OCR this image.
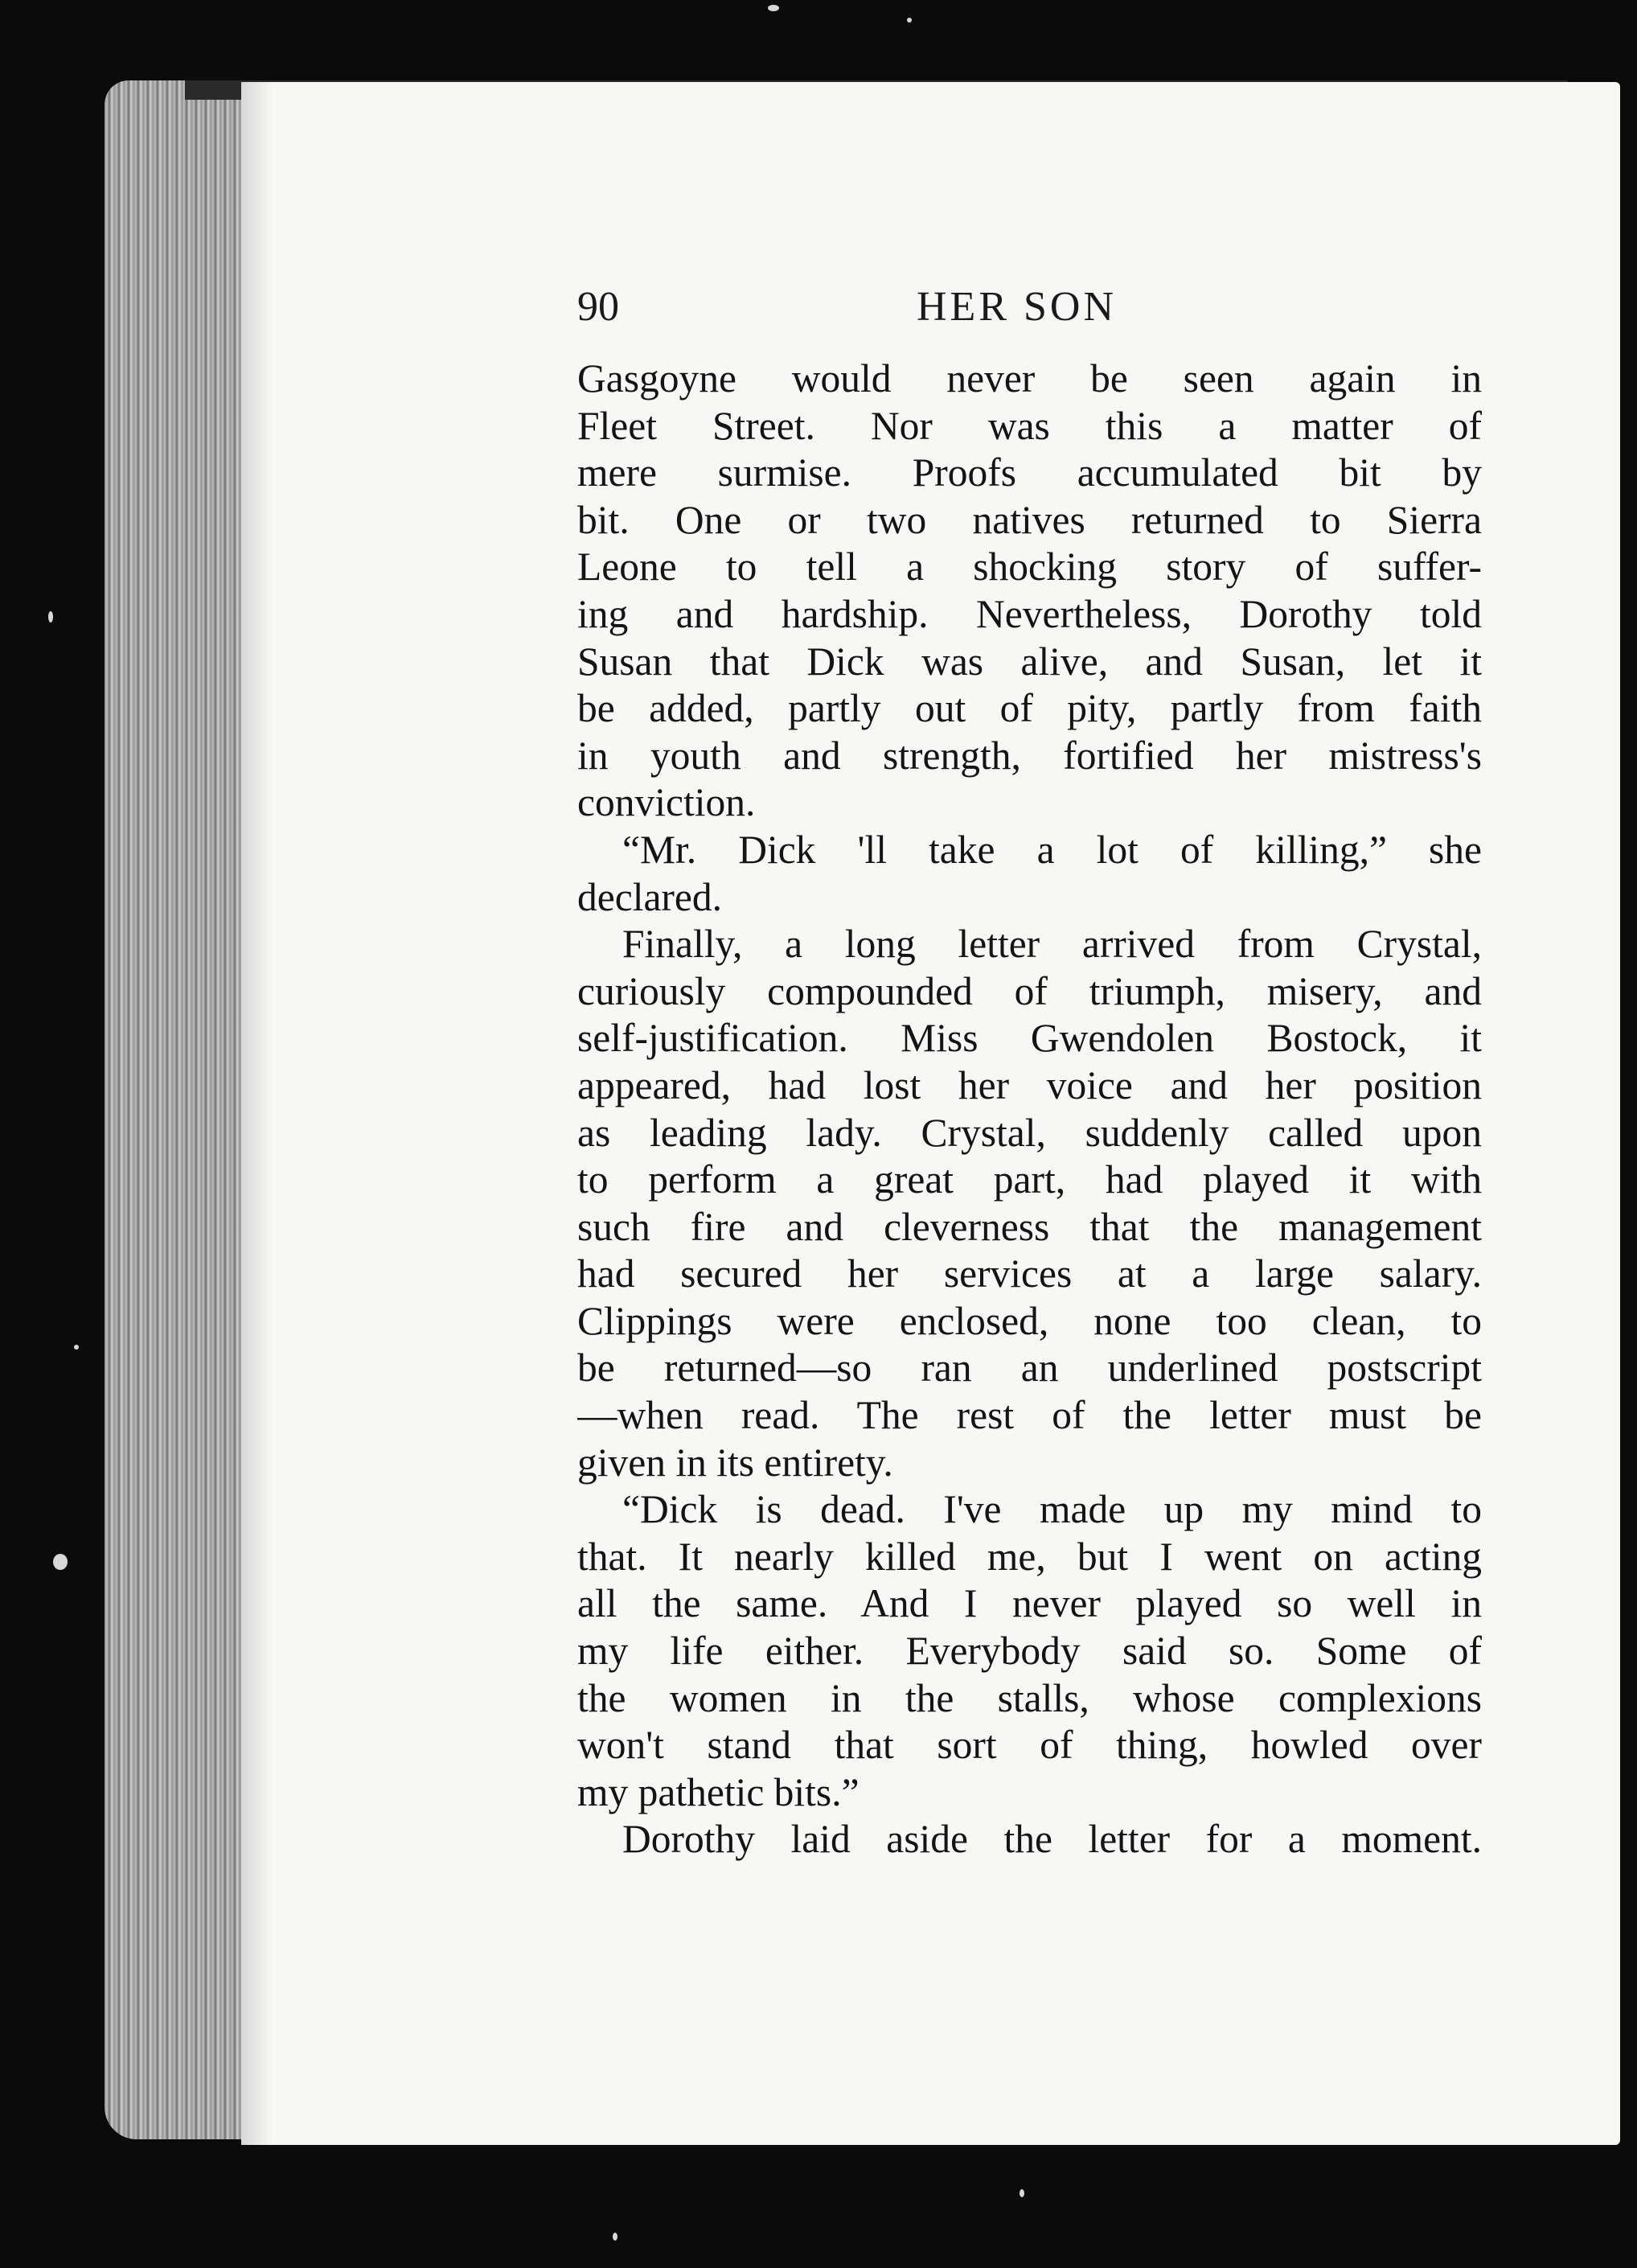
90	HER SON
Gasgoyne would never be seen again in
Fleet Street. Nor was this a matter of
mere surmise. Proofs accumulated bit by
bit. One or two natives returned to Sierra
Leone to tell a shocking story of suffer-
ing and hardship. Nevertheless, Dorothy told
Susan that Dick was alive, and Susan, let it
be added, partly out of pity, partly from faith
in youth and strength, fortified her mistress's
conviction.
“Mr. Dick 'll take a lot of killing,” she
declared.
Finally, a long letter arrived from Crystal,
curiously compounded of triumph, misery, and
self-justification. Miss Gwendolen Bostock, it
appeared, had lost her voice and her position
as leading lady. Crystal, suddenly called upon
to perform a great part, had played it with
such fire and cleverness that the management
had secured her services at a large salary.
Clippings were enclosed, none too clean, to
be returned—so ran an underlined postscript
—when read. The rest of the letter must be
given in its entirety.
“Dick is dead. I've made up my mind to
that. It nearly killed me, but I went on acting
all the same. And I never played so well in
my life either. Everybody said so. Some of
the women in the stalls, whose complexions
won't stand that sort of thing, howled over
my pathetic bits.”
Dorothy laid aside the letter for a moment.
